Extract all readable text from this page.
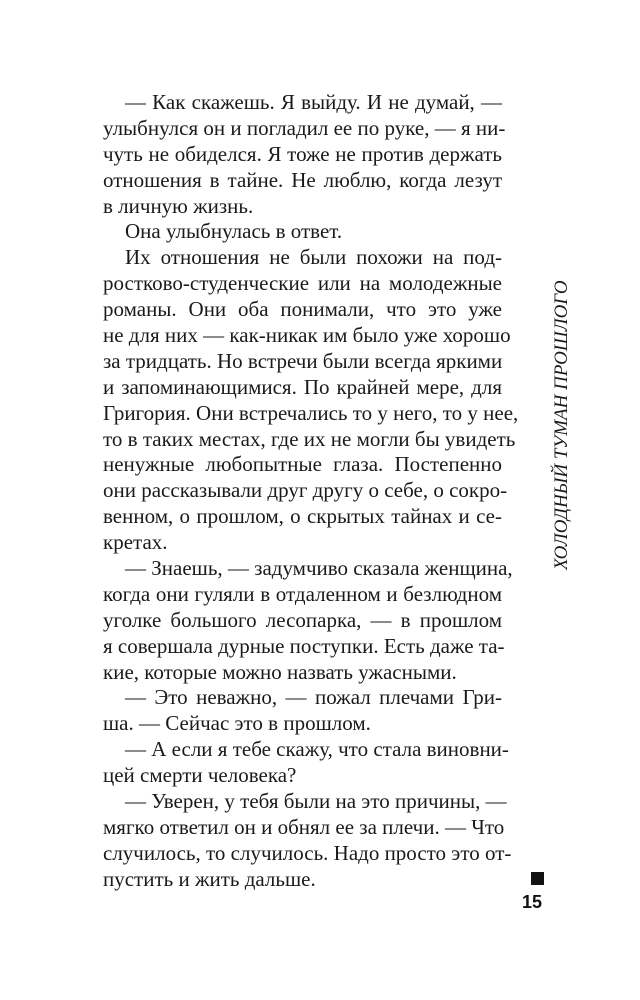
— Как скажешь. Я выйду. И не думай, —
улыбнулся он и погладил ее по руке, — я ни-
чуть не обиделся. Я тоже не против держать
отношения в тайне. Не люблю, когда лезут
в личную жизнь.
Она улыбнулась в ответ.
Их отношения не были похожи на под-
ростково-студенческие или на молодежные
романы. Они оба понимали, что это уже
не для них — как-никак им было уже хорошо
за тридцать. Но встречи были всегда яркими
и запоминающимися. По крайней мере, для
Григория. Они встречались то у него, то у нее,
то в таких местах, где их не могли бы увидеть
ненужные любопытные глаза. Постепенно
они рассказывали друг другу о себе, о сокро-
венном, о прошлом, о скрытых тайнах и се-
кретах.
— Знаешь, — задумчиво сказала женщина,
когда они гуляли в отдаленном и безлюдном
уголке большого лесопарка, — в прошлом
я совершала дурные поступки. Есть даже та-
кие, которые можно назвать ужасными.
— Это неважно, — пожал плечами Гри-
ша. — Сейчас это в прошлом.
— А если я тебе скажу, что стала виновни-
цей смерти человека?
— Уверен, у тебя были на это причины, —
мягко ответил он и обнял ее за плечи. — Что
случилось, то случилось. Надо просто это от-
пустить и жить дальше.
ХОЛОДНЫЙ ТУМАН ПРОШЛОГО
15
